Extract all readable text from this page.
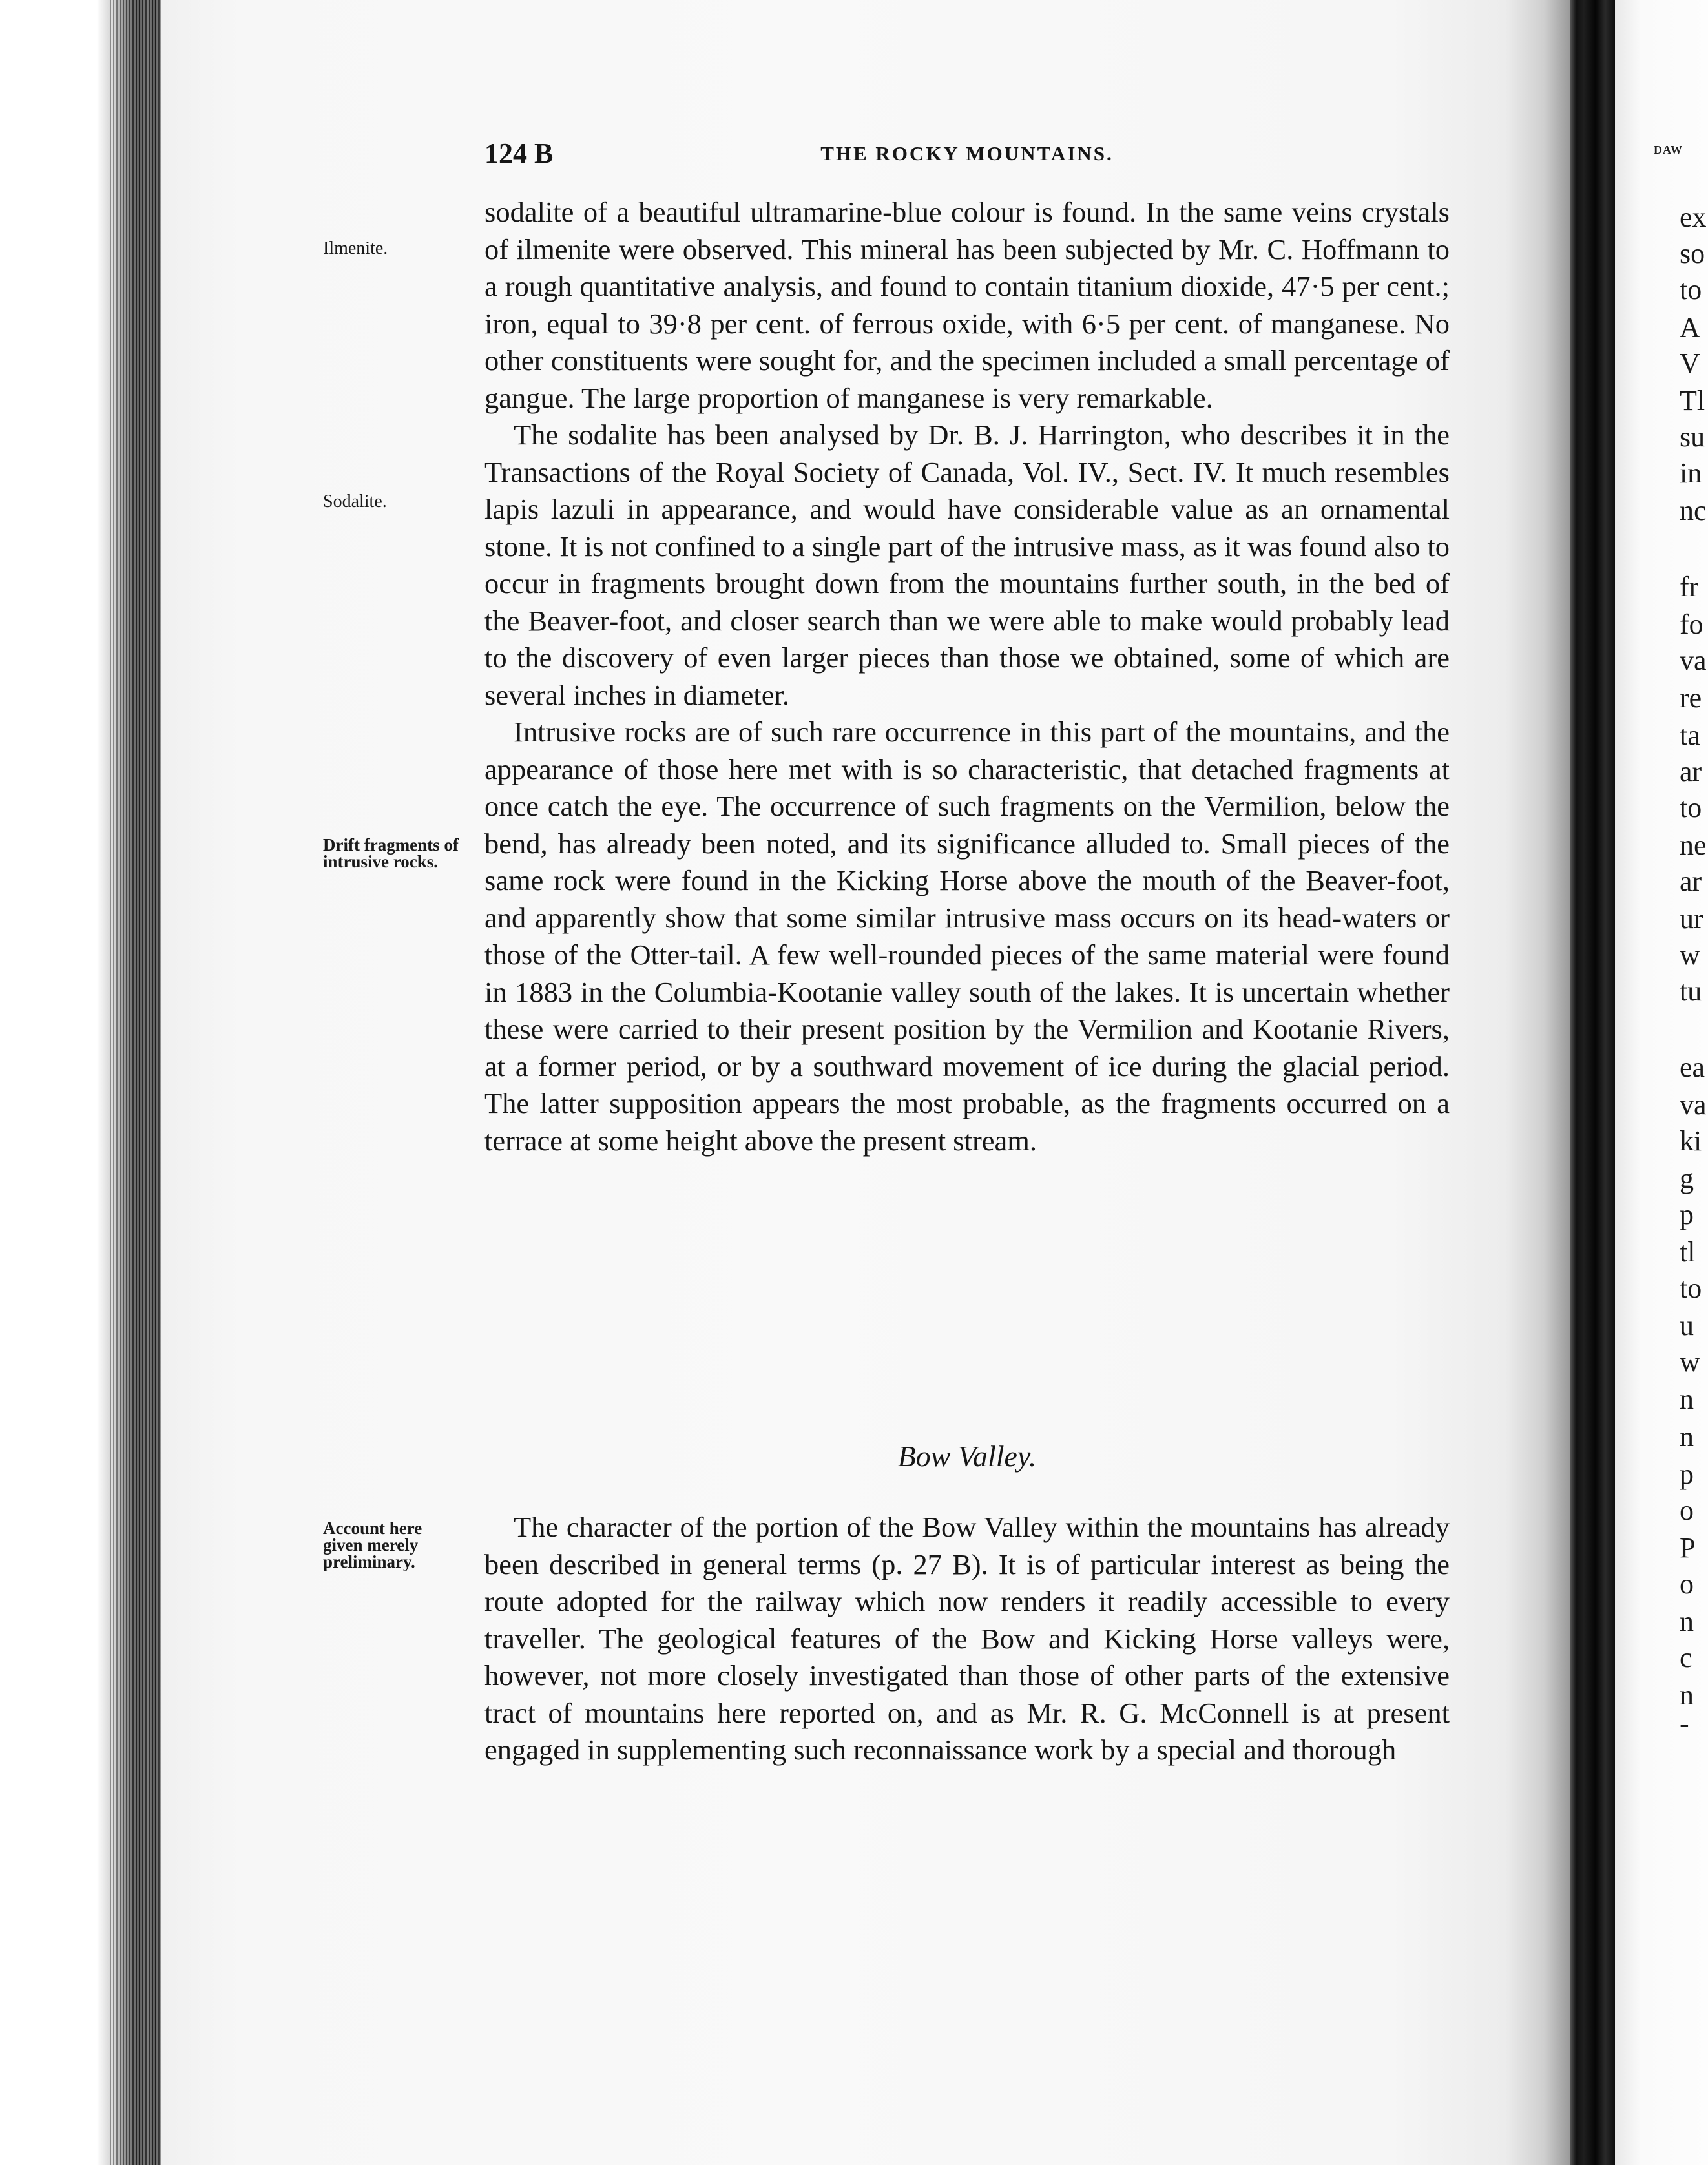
124 B	THE ROCKY MOUNTAINS.
Ilmenite.
Sodalite.
Drift fragments of intrusive rocks.
Account here given merely preliminary.

sodalite of a beautiful ultramarine-blue colour is found. In the same veins crystals of ilmenite were observed. This mineral has been subjected by Mr. C. Hoffmann to a rough quantitative analysis, and found to contain titanium dioxide, 47·5 per cent.; iron, equal to 39·8 per cent. of ferrous oxide, with 6·5 per cent. of manganese. No other constituents were sought for, and the specimen included a small percentage of gangue. The large proportion of manganese is very remarkable.

The sodalite has been analysed by Dr. B. J. Harrington, who describes it in the Transactions of the Royal Society of Canada, Vol. IV., Sect. IV. It much resembles lapis lazuli in appearance, and would have considerable value as an ornamental stone. It is not confined to a single part of the intrusive mass, as it was found also to occur in fragments brought down from the mountains further south, in the bed of the Beaver-foot, and closer search than we were able to make would probably lead to the discovery of even larger pieces than those we obtained, some of which are several inches in diameter.

Intrusive rocks are of such rare occurrence in this part of the mountains, and the appearance of those here met with is so characteristic, that detached fragments at once catch the eye. The occurrence of such fragments on the Vermilion, below the bend, has already been noted, and its significance alluded to. Small pieces of the same rock were found in the Kicking Horse above the mouth of the Beaver-foot, and apparently show that some similar intrusive mass occurs on its head-waters or those of the Otter-tail. A few well-rounded pieces of the same material were found in 1883 in the Columbia-Kootanie valley south of the lakes. It is uncertain whether these were carried to their present position by the Vermilion and Kootanie Rivers, at a former period, or by a southward movement of ice during the glacial period. The latter supposition appears the most probable, as the fragments occurred on a terrace at some height above the present stream.

Bow Valley.

The character of the portion of the Bow Valley within the mountains has already been described in general terms (p. 27 B). It is of particular interest as being the route adopted for the railway which now renders it readily accessible to every traveller. The geological features of the Bow and Kicking Horse valleys were, however, not more closely investigated than those of other parts of the extensive tract of mountains here reported on, and as Mr. R. G. McConnell is at present engaged in supplementing such reconnaissance work by a special and thorough

DAW
ex
so
to
A
V
Tl
su
in
nc
fr
fo
va
re
ta
ar
to
ne
ar
ur
w
tu
ea
va
ki
g
p
tl
to
u
w
n
n
p
o
P
o
n
c
n
-
